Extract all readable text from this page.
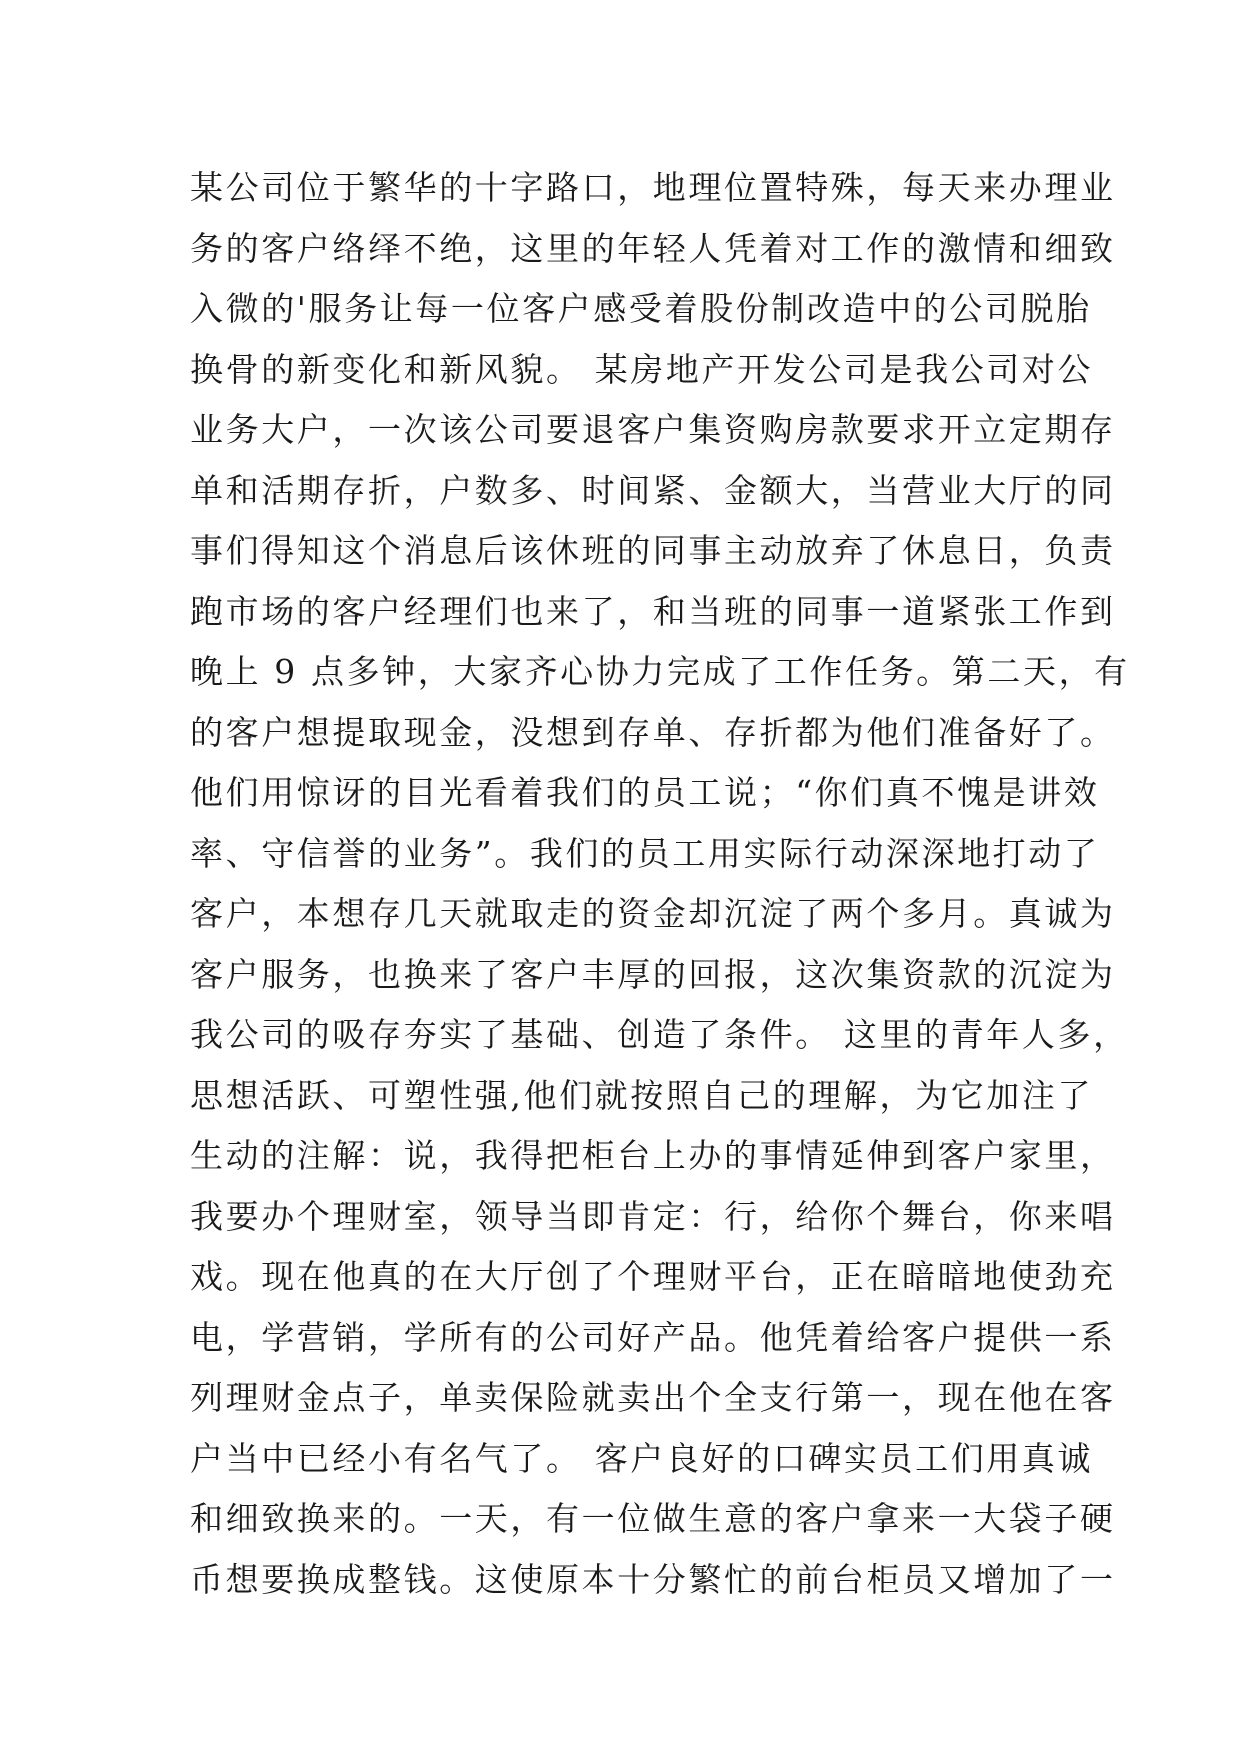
某公司位于繁华的十字路口，地理位置特殊，每天来办理业
务的客户络绎不绝，这里的年轻人凭着对工作的激情和细致
入微的'服务让每一位客户感受着股份制改造中的公司脱胎
换骨的新变化和新风貌。 某房地产开发公司是我公司对公
业务大户，一次该公司要退客户集资购房款要求开立定期存
单和活期存折，户数多、时间紧、金额大，当营业大厅的同
事们得知这个消息后该休班的同事主动放弃了休息日，负责
跑市场的客户经理们也来了，和当班的同事一道紧张工作到
晚上 9 点多钟，大家齐心协力完成了工作任务。第二天，有
的客户想提取现金，没想到存单、存折都为他们准备好了。
他们用惊讶的目光看着我们的员工说；“你们真不愧是讲效
率、守信誉的业务”。我们的员工用实际行动深深地打动了
客户，本想存几天就取走的资金却沉淀了两个多月。真诚为
客户服务，也换来了客户丰厚的回报，这次集资款的沉淀为
我公司的吸存夯实了基础、创造了条件。 这里的青年人多，
思想活跃、可塑性强,他们就按照自己的理解，为它加注了
生动的注解：说，我得把柜台上办的事情延伸到客户家里，
我要办个理财室，领导当即肯定：行，给你个舞台，你来唱
戏。现在他真的在大厅创了个理财平台，正在暗暗地使劲充
电，学营销，学所有的公司好产品。他凭着给客户提供一系
列理财金点子，单卖保险就卖出个全支行第一，现在他在客
户当中已经小有名气了。 客户良好的口碑实员工们用真诚
和细致换来的。一天，有一位做生意的客户拿来一大袋子硬
币想要换成整钱。这使原本十分繁忙的前台柜员又增加了一
